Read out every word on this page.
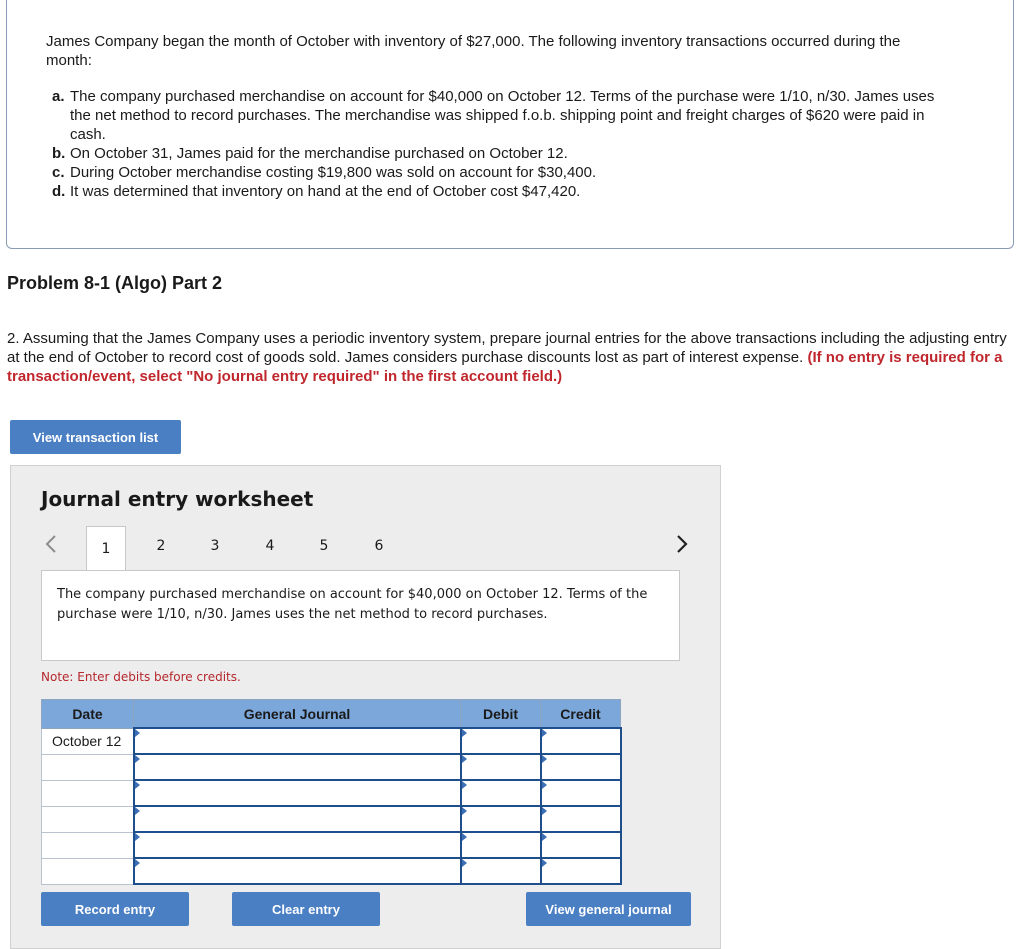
James Company began the month of October with inventory of $27,000. The following inventory transactions occurred during the month:

a. The company purchased merchandise on account for $40,000 on October 12. Terms of the purchase were 1/10, n/30. James uses the net method to record purchases. The merchandise was shipped f.o.b. shipping point and freight charges of $620 were paid in cash.

b. On October 31, James paid for the merchandise purchased on October 12.

c. During October merchandise costing $19,800 was sold on account for $30,400.

d. It was determined that inventory on hand at the end of October cost $47,420.

Problem 8-1 (Algo) Part 2

2. Assuming that the James Company uses a periodic inventory system, prepare journal entries for the above transactions including the adjusting entry at the end of October to record cost of goods sold. James considers purchase discounts lost as part of interest expense. (If no entry is required for a transaction/event, select "No journal entry required" in the first account field.)

View transaction list
Journal entry worksheet
1	2	3	4	5	6
The company purchased merchandise on account for $40,000 on October 12. Terms of the purchase were 1/10, n/30. James uses the net method to record purchases.

Note: Enter debits before credits.

Date	General Journal	Debit	Credit
October 12			

Record entry	Clear entry	View general journal
